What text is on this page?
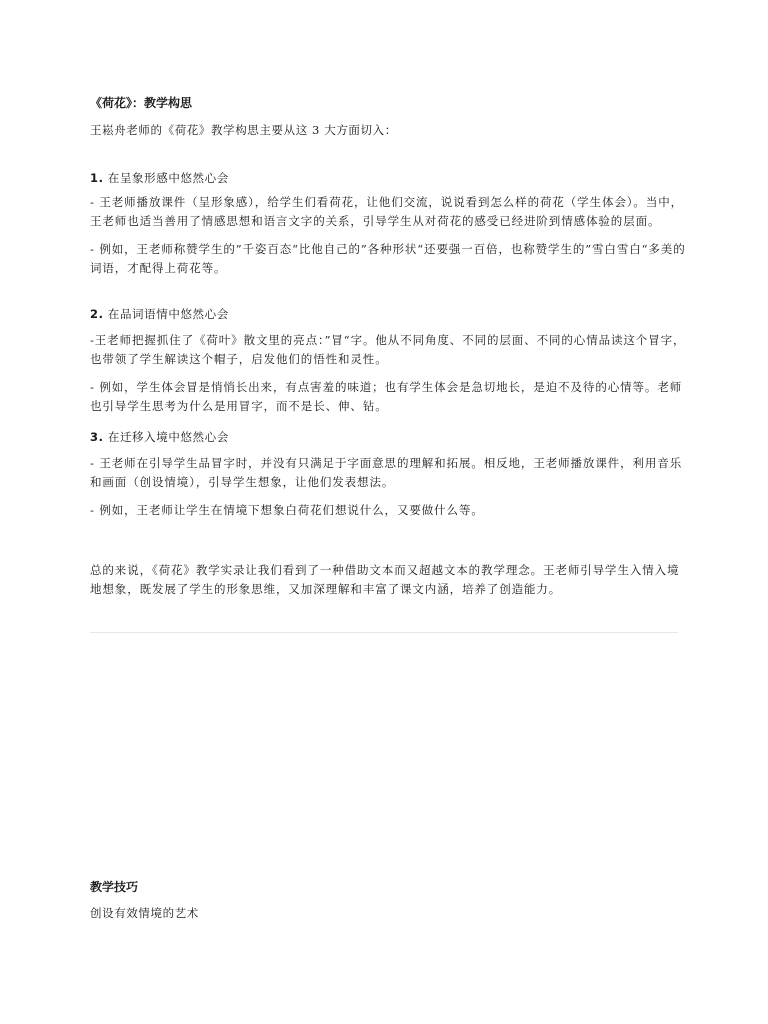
《荷花》：教学构思

王崧舟老师的《荷花》教学构思主要从这 3 大方面切入：

1. 在呈象形感中悠然心会

- 王老师播放课件（呈形象感），给学生们看荷花，让他们交流，说说看到怎么样的荷花（学生体会）。当中，王老师也适当善用了情感思想和语言文字的关系，引导学生从对荷花的感受已经进阶到情感体验的层面。

- 例如，王老师称赞学生的”千姿百态“比他自己的”各种形状“还要强一百倍，也称赞学生的”雪白雪白“多美的词语，才配得上荷花等。

2. 在品词语情中悠然心会

-王老师把握抓住了《荷叶》散文里的亮点：”冒“字。他从不同角度、不同的层面、不同的心情品读这个冒字，也带领了学生解读这个帽子，启发他们的悟性和灵性。

- 例如，学生体会冒是悄悄长出来，有点害羞的味道；也有学生体会是急切地长，是迫不及待的心情等。老师也引导学生思考为什么是用冒字，而不是长、伸、钻。

3. 在迁移入境中悠然心会

- 王老师在引导学生品冒字时，并没有只满足于字面意思的理解和拓展。相反地，王老师播放课件，利用音乐和画面（创设情境），引导学生想象，让他们发表想法。

- 例如，王老师让学生在情境下想象白荷花们想说什么，又要做什么等。

总的来说，《荷花》教学实录让我们看到了一种借助文本而又超越文本的教学理念。王老师引导学生入情入境地想象，既发展了学生的形象思维，又加深理解和丰富了课文内涵，培养了创造能力。

教学技巧

创设有效情境的艺术
